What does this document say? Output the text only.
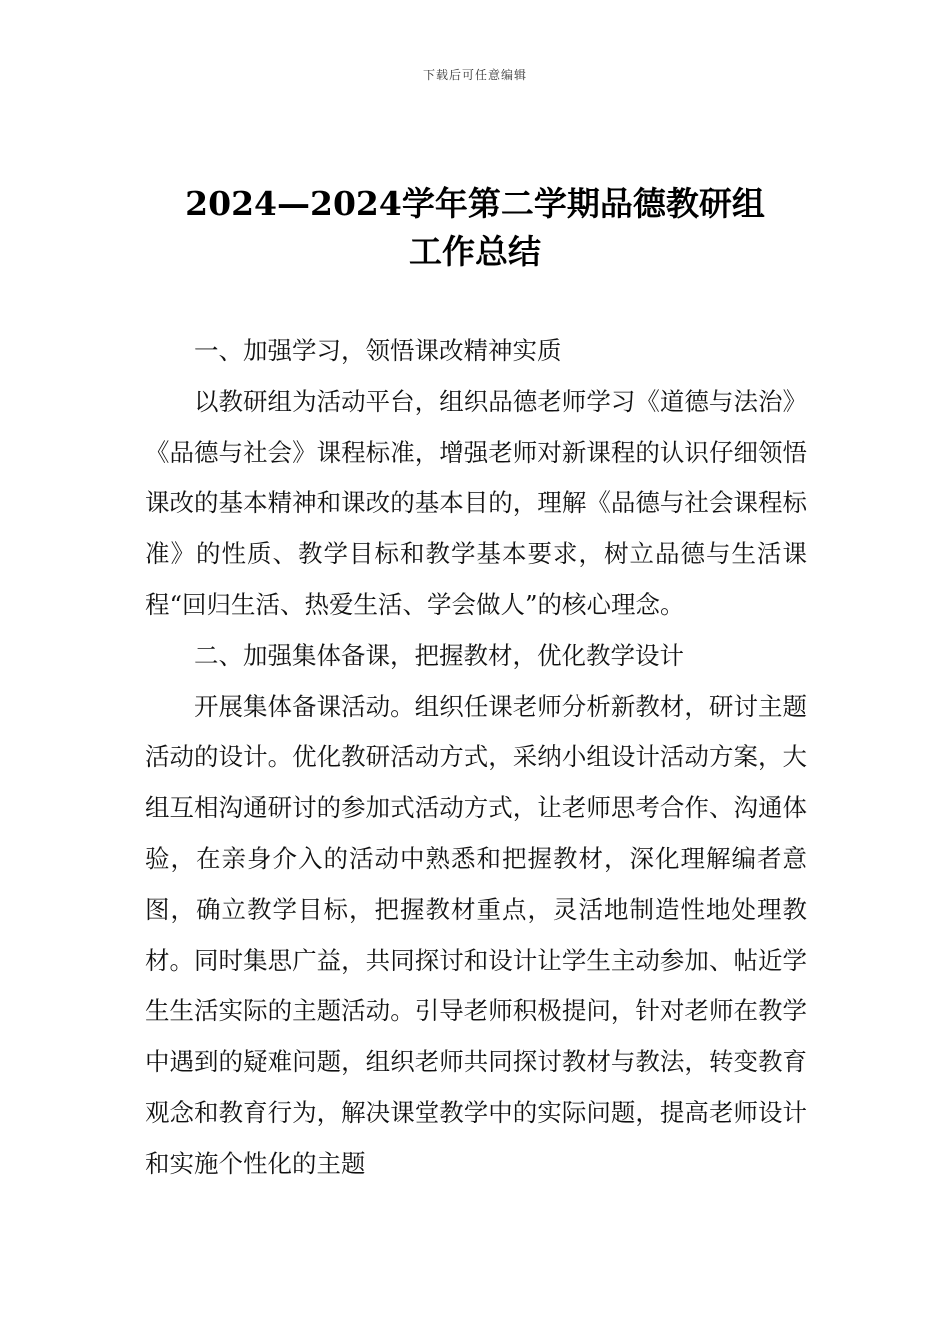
下载后可任意编辑
2024—2024学年第二学期品德教研组
工作总结

一、加强学习，领悟课改精神实质

以教研组为活动平台，组织品德老师学习《道德与法治》《品德与社会》课程标准，增强老师对新课程的认识仔细领悟课改的基本精神和课改的基本目的，理解《品德与社会课程标准》的性质、教学目标和教学基本要求，树立品德与生活课程“回归生活、热爱生活、学会做人”的核心理念。

二、加强集体备课，把握教材，优化教学设计

开展集体备课活动。组织任课老师分析新教材，研讨主题活动的设计。优化教研活动方式，采纳小组设计活动方案，大组互相沟通研讨的参加式活动方式，让老师思考合作、沟通体验，在亲身介入的活动中熟悉和把握教材，深化理解编者意图，确立教学目标，把握教材重点，灵活地制造性地处理教材。同时集思广益，共同探讨和设计让学生主动参加、帖近学生生活实际的主题活动。引导老师积极提问，针对老师在教学中遇到的疑难问题，组织老师共同探讨教材与教法，转变教育观念和教育行为，解决课堂教学中的实际问题，提高老师设计和实施个性化的主题
